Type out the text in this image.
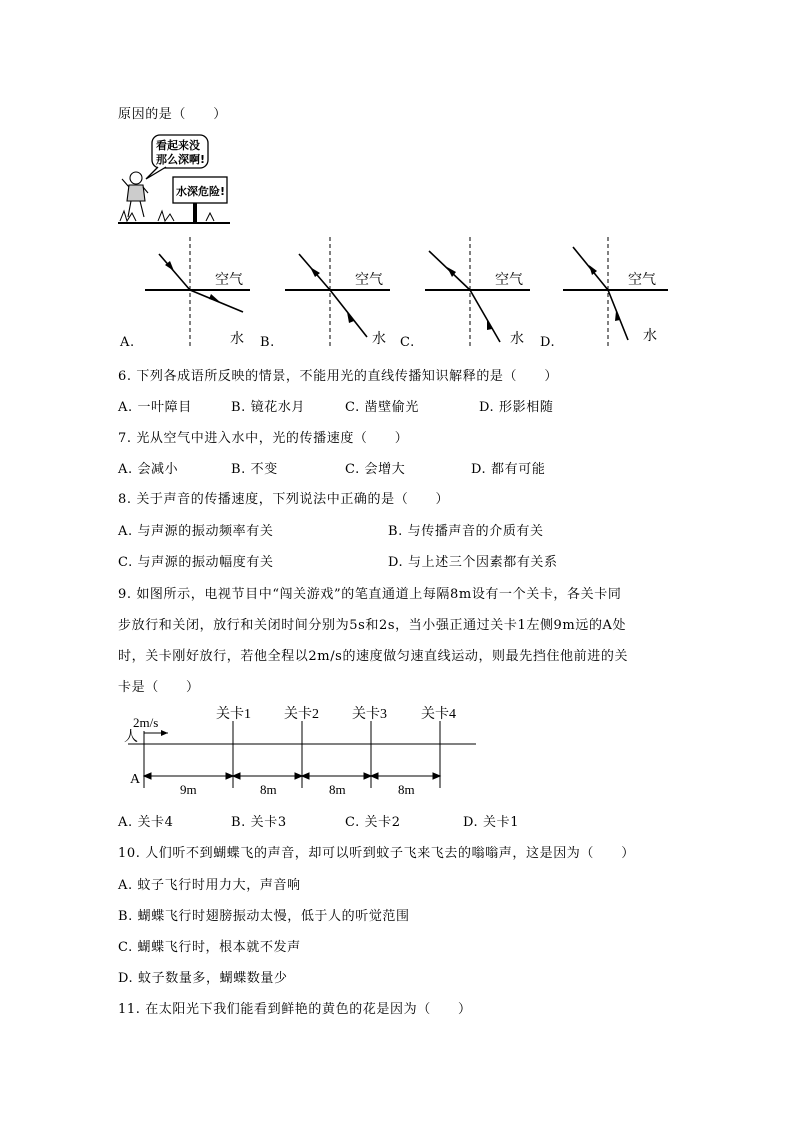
原因的是（　　）
看起来没
那么深啊!
水深危险!
空气
水
空气
水
空气
水
空气
水
A.	B.	C.	D.
6. 下列各成语所反映的情景，不能用光的直线传播知识解释的是（　　）
A. 一叶障目	B. 镜花水月	C. 凿壁偷光	D. 形影相随
7. 光从空气中进入水中，光的传播速度（　　）
A. 会减小	B. 不变	C. 会增大	D. 都有可能
8. 关于声音的传播速度，下列说法中正确的是（　　）
A. 与声源的振动频率有关	B. 与传播声音的介质有关
C. 与声源的振动幅度有关	D. 与上述三个因素都有关系
9. 如图所示，电视节目中“闯关游戏”的笔直通道上每隔8m设有一个关卡，各关卡同
步放行和关闭，放行和关闭时间分别为5s和2s，当小强正通过关卡1左侧9m远的A处
时，关卡刚好放行，若他全程以2m/s的速度做匀速直线运动，则最先挡住他前进的关
卡是（　　）
关卡1 关卡2 关卡3 关卡4
2m/s
人
A
9m	8m	8m	8m
A. 关卡4	B. 关卡3	C. 关卡2	D. 关卡1
10. 人们听不到蝴蝶飞的声音，却可以听到蚊子飞来飞去的嗡嗡声，这是因为（　　）
A. 蚊子飞行时用力大，声音响
B. 蝴蝶飞行时翅膀振动太慢，低于人的听觉范围
C. 蝴蝶飞行时，根本就不发声
D. 蚊子数量多，蝴蝶数量少
11. 在太阳光下我们能看到鲜艳的黄色的花是因为（　　）
